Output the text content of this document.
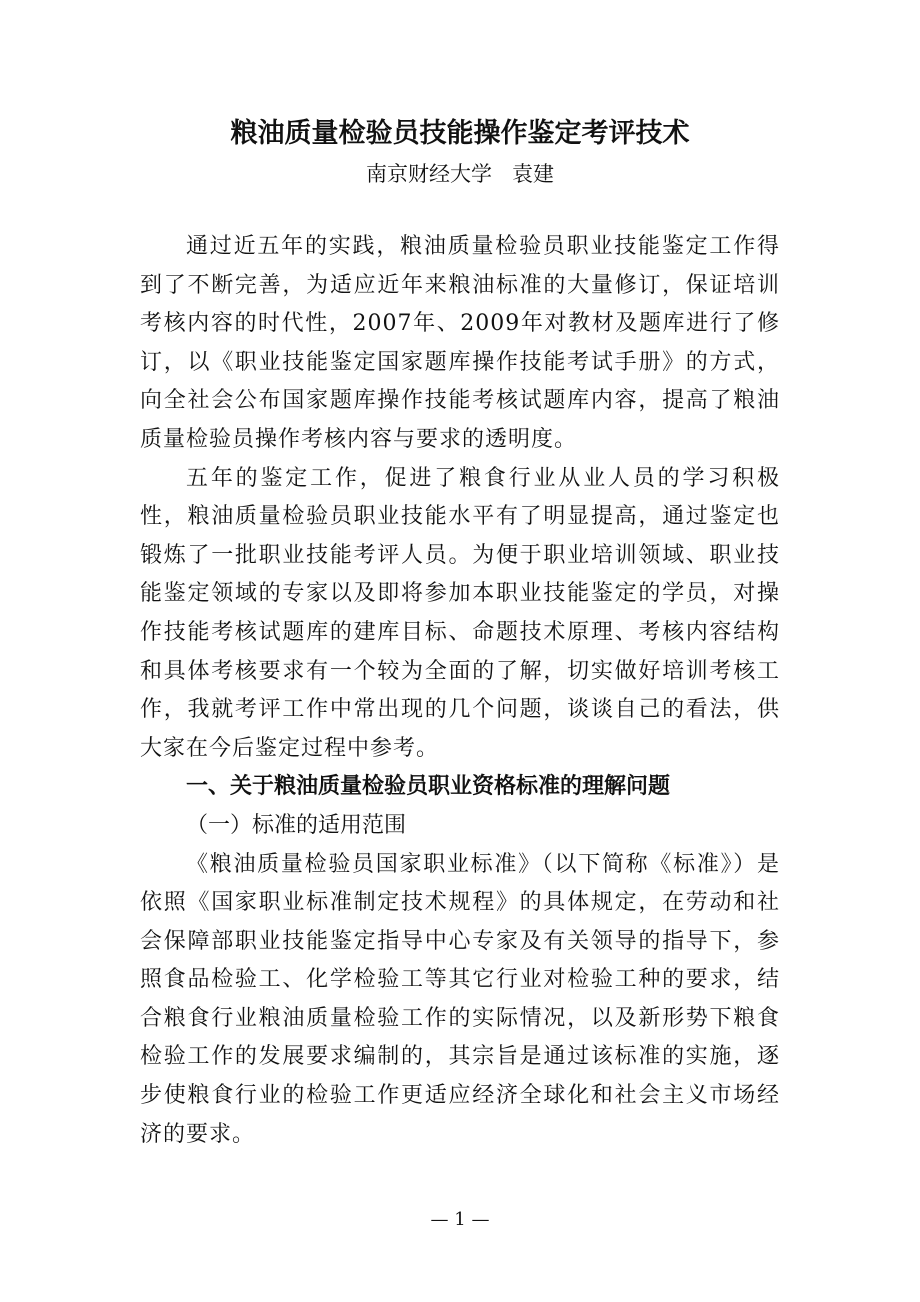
粮油质量检验员技能操作鉴定考评技术
南京财经大学   袁建

通过近五年的实践，粮油质量检验员职业技能鉴定工作得到了不断完善，为适应近年来粮油标准的大量修订，保证培训考核内容的时代性，2007年、2009年对教材及题库进行了修订，以《职业技能鉴定国家题库操作技能考试手册》的方式，向全社会公布国家题库操作技能考核试题库内容，提高了粮油质量检验员操作考核内容与要求的透明度。

五年的鉴定工作，促进了粮食行业从业人员的学习积极性，粮油质量检验员职业技能水平有了明显提高，通过鉴定也锻炼了一批职业技能考评人员。为便于职业培训领域、职业技能鉴定领域的专家以及即将参加本职业技能鉴定的学员，对操作技能考核试题库的建库目标、命题技术原理、考核内容结构和具体考核要求有一个较为全面的了解，切实做好培训考核工作，我就考评工作中常出现的几个问题，谈谈自己的看法，供大家在今后鉴定过程中参考。

一、关于粮油质量检验员职业资格标准的理解问题

（一）标准的适用范围

《粮油质量检验员国家职业标准》（以下简称《标准》）是依照《国家职业标准制定技术规程》的具体规定，在劳动和社会保障部职业技能鉴定指导中心专家及有关领导的指导下，参照食品检验工、化学检验工等其它行业对检验工种的要求，结合粮食行业粮油质量检验工作的实际情况，以及新形势下粮食检验工作的发展要求编制的，其宗旨是通过该标准的实施，逐步使粮食行业的检验工作更适应经济全球化和社会主义市场经济的要求。

— 1 —
